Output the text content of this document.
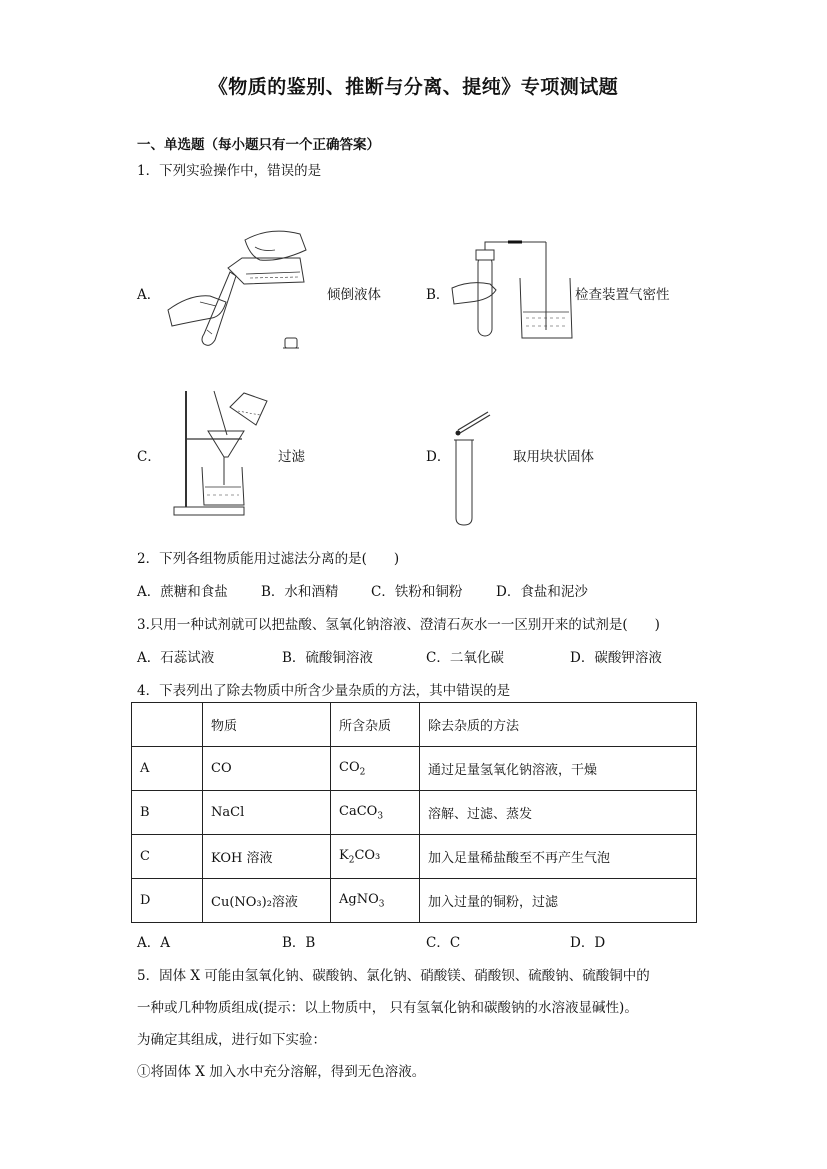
《物质的鉴别、推断与分离、提纯》专项测试题
一、单选题（每小题只有一个正确答案）
1．下列实验操作中，错误的是
A．	倾倒液体	B．	检查装置气密性
C．	过滤	D．	取用块状固体
2．下列各组物质能用过滤法分离的是(　　)
A．蔗糖和食盐 B．水和酒精 C．铁粉和铜粉 D．食盐和泥沙
3.只用一种试剂就可以把盐酸、氢氧化钠溶液、澄清石灰水一一区别开来的试剂是(　　)
A．石蕊试液	B．硫酸铜溶液	C．二氧化碳	D．碳酸钾溶液
4．下表列出了除去物质中所含少量杂质的方法，其中错误的是
	物质	所含杂质	除去杂质的方法
A	CO	$CO_2$	通过足量氢氧化钠溶液，干燥
B	NaCl	CaCO$_3$	溶解、过滤、蒸发
C	KOH 溶液	$K_2CO_3$	加入足量稀盐酸至不再产生气泡
D	Cu(NO₃)₂溶液	AgNO$_3$	加入过量的铜粉，过滤
A．A	B．B	C．C	D．D
5．固体 X 可能由氢氧化钠、碳酸钠、氯化钠、硝酸镁、硝酸钡、硫酸钠、硫酸铜中的
一种或几种物质组成(提示：以上物质中， 只有氢氧化钠和碳酸钠的水溶液显碱性)。
为确定其组成，进行如下实验：
①将固体 X 加入水中充分溶解，得到无色溶液。
